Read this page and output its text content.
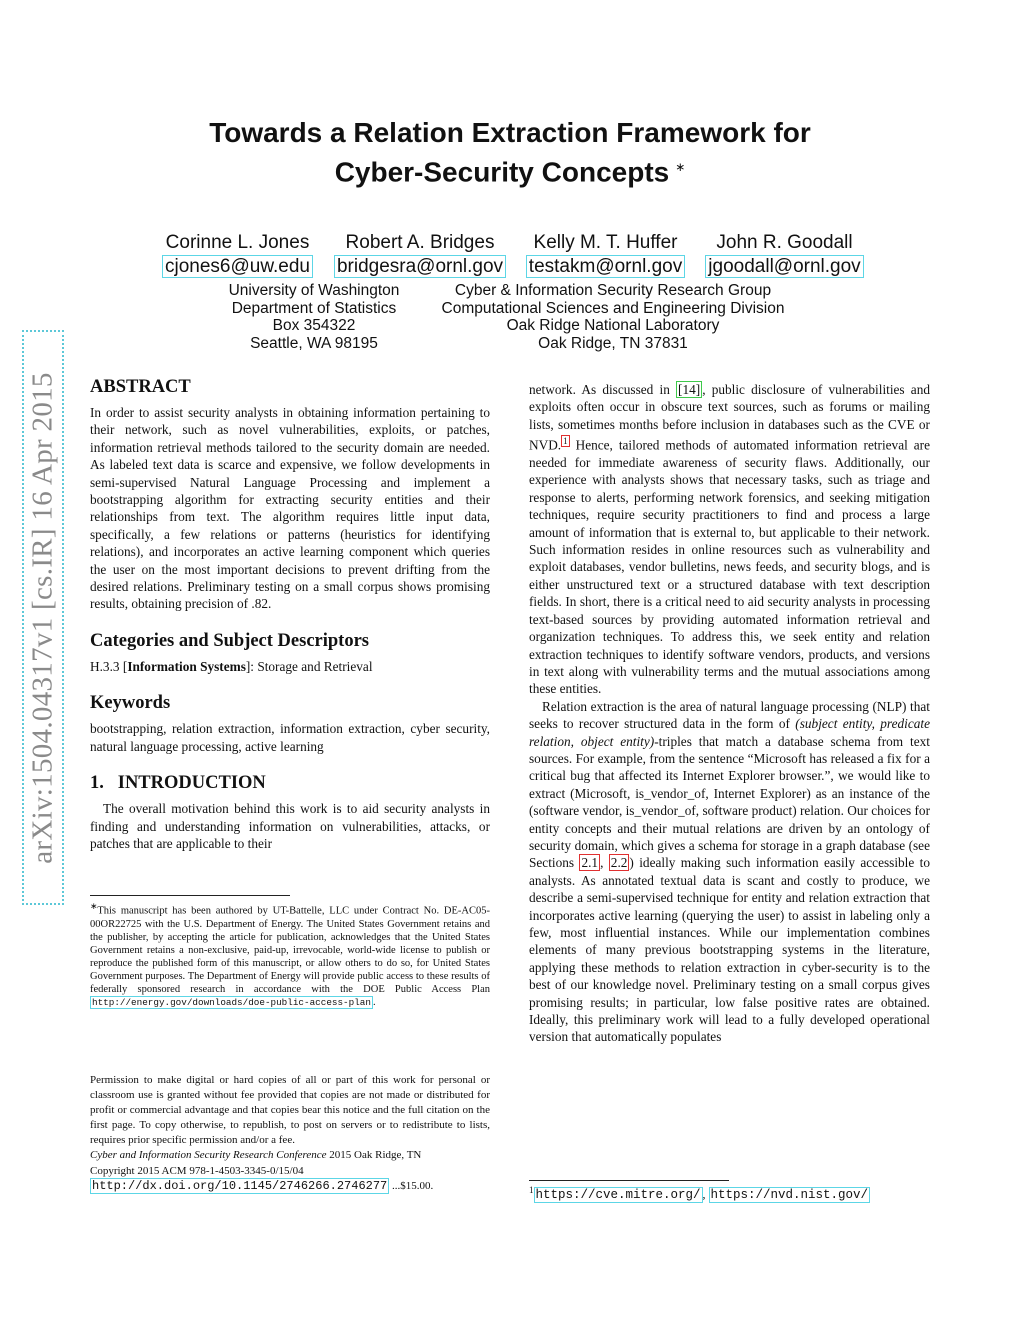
arXiv:1504.04317v1 [cs.IR] 16 Apr 2015
Towards a Relation Extraction Framework for
Cyber-Security Concepts ∗
Corinne L. Jones
cjones6@uw.edu
Robert A. Bridges
bridgesra@ornl.gov
Kelly M. T. Huffer
testakm@ornl.gov
John R. Goodall
jgoodall@ornl.gov
University of Washington
Department of Statistics
Box 354322
Seattle, WA 98195
Cyber & Information Security Research Group
Computational Sciences and Engineering Division
Oak Ridge National Laboratory
Oak Ridge, TN 37831
ABSTRACT

In order to assist security analysts in obtaining information pertaining to their network, such as novel vulnerabilities, exploits, or patches, information retrieval methods tailored to the security domain are needed. As labeled text data is scarce and expensive, we follow developments in semi-supervised Natural Language Processing and implement a bootstrapping algorithm for extracting security entities and their relationships from text. The algorithm requires little input data, specifically, a few relations or patterns (heuristics for identifying relations), and incorporates an active learning component which queries the user on the most important decisions to prevent drifting from the desired relations. Preliminary testing on a small corpus shows promising results, obtaining precision of .82.

Categories and Subject Descriptors

H.3.3 [Information Systems]: Storage and Retrieval

Keywords

bootstrapping, relation extraction, information extraction, cyber security, natural language processing, active learning

1.   INTRODUCTION

The overall motivation behind this work is to aid security analysts in finding and understanding information on vulnerabilities, attacks, or patches that are applicable to their

∗This manuscript has been authored by UT-Battelle, LLC under Contract No. DE-AC05-00OR22725 with the U.S. Department of Energy. The United States Government retains and the publisher, by accepting the article for publication, acknowledges that the United States Government retains a non-exclusive, paid-up, irrevocable, world-wide license to publish or reproduce the published form of this manuscript, or allow others to do so, for United States Government purposes. The Department of Energy will provide public access to these results of federally sponsored research in accordance with the DOE Public Access Plan http://energy.gov/downloads/doe-public-access-plan .
Permission to make digital or hard copies of all or part of this work for personal or classroom use is granted without fee provided that copies are not made or distributed for profit or commercial advantage and that copies bear this notice and the full citation on the first page. To copy otherwise, to republish, to post on servers or to redistribute to lists, requires prior specific permission and/or a fee.
Cyber and Information Security Research Conference 2015 Oak Ridge, TN
Copyright 2015 ACM 978-1-4503-3345-0/15/04
http://dx.doi.org/10.1145/2746266.2746277 ...$15.00.

network. As discussed in [14] , public disclosure of vulnerabilities and exploits often occur in obscure text sources, such as forums or mailing lists, sometimes months before inclusion in databases such as the CVE or NVD. $^1$ Hence, tailored methods of automated information retrieval are needed for immediate awareness of security flaws. Additionally, our experience with analysts shows that necessary tasks, such as triage and response to alerts, performing network forensics, and seeking mitigation techniques, require security practitioners to find and process a large amount of information that is external to, but applicable to their network. Such information resides in online resources such as vulnerability and exploit databases, vendor bulletins, news feeds, and security blogs, and is either unstructured text or a structured database with text description fields. In short, there is a critical need to aid security analysts in processing text-based sources by providing automated information retrieval and organization techniques. To address this, we seek entity and relation extraction techniques to identify software vendors, products, and versions in text along with vulnerability terms and the mutual associations among these entities.

Relation extraction is the area of natural language processing (NLP) that seeks to recover structured data in the form of (subject entity, predicate relation, object entity)-triples that match a database schema from text sources. For example, from the sentence “Microsoft has released a fix for a critical bug that affected its Internet Explorer browser.”, we would like to extract (Microsoft, is_vendor_of, Internet Explorer) as an instance of the (software vendor, is_vendor_of, software product) relation. Our choices for entity concepts and their mutual relations are driven by an ontology of security domain, which gives a schema for storage in a graph database (see Sections 2.1 , 2.2 ) ideally making such information easily accessible to analysts. As annotated textual data is scant and costly to produce, we describe a semi-supervised technique for entity and relation extraction that incorporates active learning (querying the user) to assist in labeling only a few, most influential instances. While our implementation combines elements of many previous bootstrapping systems in the literature, applying these methods to relation extraction in cyber-security is to the best of our knowledge novel. Preliminary testing on a small corpus gives promising results; in particular, low false positive rates are obtained. Ideally, this preliminary work will lead to a fully developed operational version that automatically populates

$^1$ https://cve.mitre.org/ , https://nvd.nist.gov/
